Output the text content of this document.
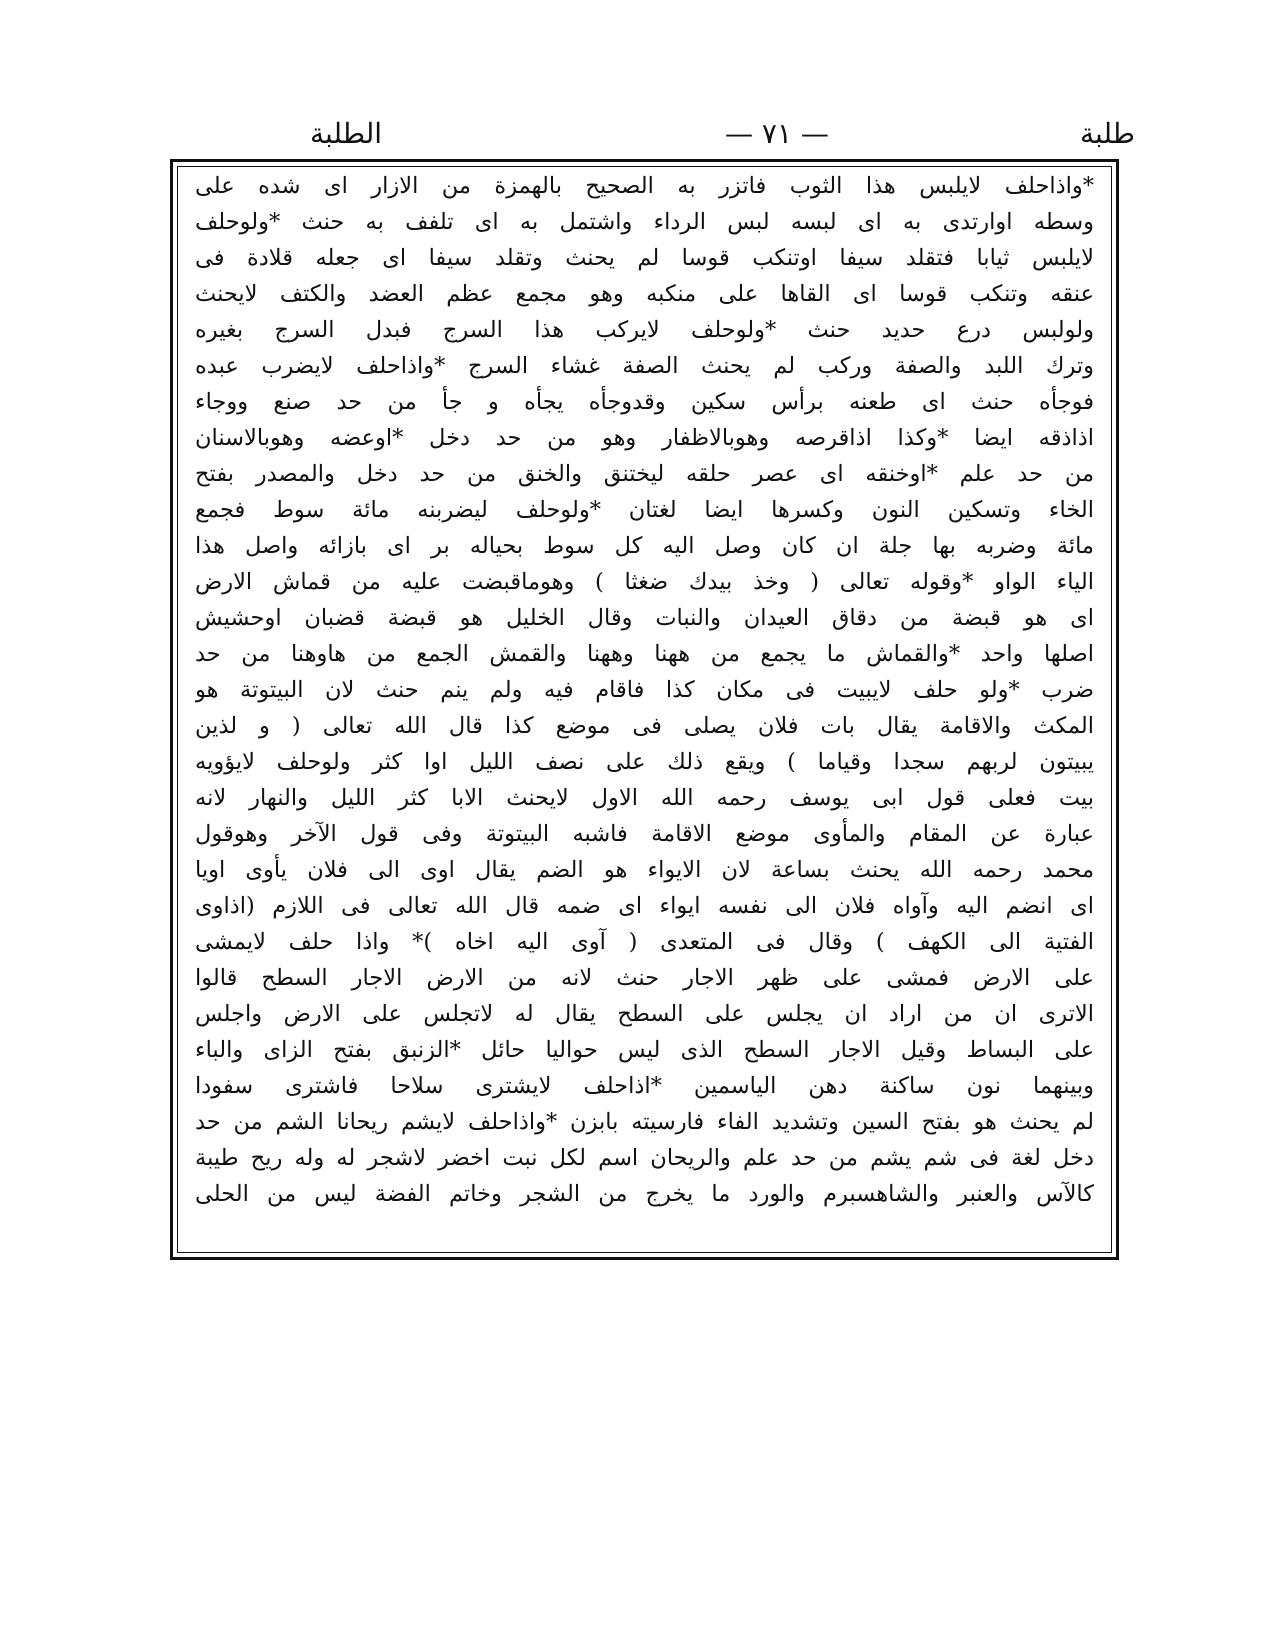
الطلبة	— ٧١ —	طلبة
*واذاحلف لايلبس هذا الثوب فاتزر به الصحيح بالهمزة من الازار اى شده على
وسطه اوارتدى به اى لبسه لبس الرداء واشتمل به اى تلفف به حنث *ولوحلف
لايلبس ثيابا فتقلد سيفا اوتنكب قوسا لم يحنث وتقلد سيفا اى جعله قلادة فى
عنقه وتنكب قوسا اى القاها على منكبه وهو مجمع عظم العضد والكتف لايحنث
ولولبس درع حديد حنث *ولوحلف لايركب هذا السرج فبدل السرج بغيره
وترك اللبد والصفة وركب لم يحنث الصفة غشاء السرج *واذاحلف لايضرب عبده
فوجأه حنث اى طعنه برأس سكين وقدوجأه يجأه و جأ من حد صنع ووجاء
اذاذقه ايضا *وكذا اذاقرصه وهوبالاظفار وهو من حد دخل *اوعضه وهوبالاسنان
من حد علم *اوخنقه اى عصر حلقه ليختنق والخنق من حد دخل والمصدر بفتح
الخاء وتسكين النون وكسرها ايضا لغتان *ولوحلف ليضربنه مائة سوط فجمع
مائة وضربه بها جلة ان كان وصل اليه كل سوط بحياله بر اى بازائه واصل هذا
الياء الواو *وقوله تعالى ( وخذ بيدك ضغثا ) وهوماقبضت عليه من قماش الارض
اى هو قبضة من دقاق العيدان والنبات وقال الخليل هو قبضة قضبان اوحشيش
اصلها واحد *والقماش ما يجمع من ههنا وههنا والقمش الجمع من هاوهنا من حد
ضرب *ولو حلف لايبيت فى مكان كذا فاقام فيه ولم ينم حنث لان البيتوتة هو
المكث والاقامة يقال بات فلان يصلى فى موضع كذا قال الله تعالى ( و لذين
يبيتون لربهم سجدا وقياما ) ويقع ذلك على نصف الليل اوا كثر ولوحلف لايؤويه
بيت فعلى قول ابى يوسف رحمه الله الاول لايحنث الابا كثر الليل والنهار لانه
عبارة عن المقام والمأوى موضع الاقامة فاشبه البيتوتة وفى قول الآخر وهوقول
محمد رحمه الله يحنث بساعة لان الايواء هو الضم يقال اوى الى فلان يأوى اويا
اى انضم اليه وآواه فلان الى نفسه ايواء اى ضمه قال الله تعالى فى اللازم (اذاوى
الفتية الى الكهف ) وقال فى المتعدى ( آوى اليه اخاه )* واذا حلف لايمشى
على الارض فمشى على ظهر الاجار حنث لانه من الارض الاجار السطح قالوا
الاترى ان من اراد ان يجلس على السطح يقال له لاتجلس على الارض واجلس
على البساط وقيل الاجار السطح الذى ليس حواليا حائل *الزنبق بفتح الزاى والباء
وبينهما نون ساكنة دهن الياسمين *اذاحلف لايشترى سلاحا فاشترى سفودا
لم يحنث هو بفتح السين وتشديد الفاء فارسيته بابزن *واذاحلف لايشم ريحانا الشم من حد
دخل لغة فى شم يشم من حد علم والريحان اسم لكل نبت اخضر لاشجر له وله ريح طيبة
كالآس والعنبر والشاهسبرم والورد ما يخرج من الشجر وخاتم الفضة ليس من الحلى
